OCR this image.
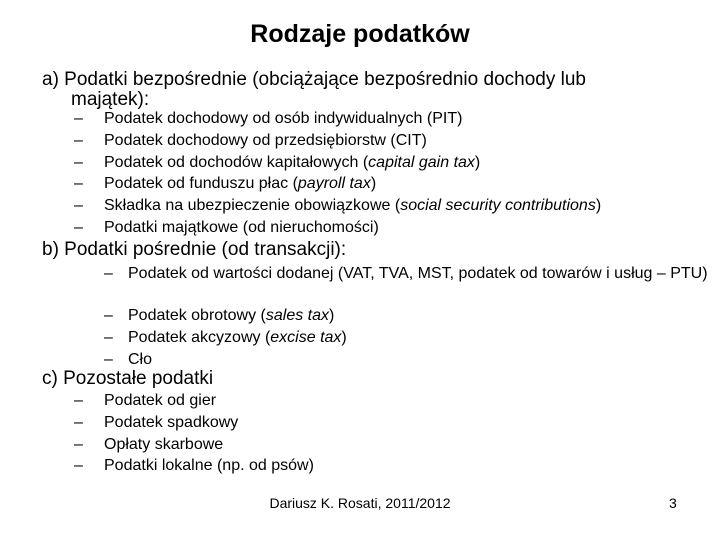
Rodzaje podatków
a) Podatki bezpośrednie (obciążające bezpośrednio dochody lub
majątek):
– Podatek dochodowy od osób indywidualnych (PIT)
– Podatek dochodowy od przedsiębiorstw (CIT)
– Podatek od dochodów kapitałowych (capital gain tax)
– Podatek od funduszu płac (payroll tax)
– Składka na ubezpieczenie obowiązkowe (social security contributions)
– Podatki majątkowe (od nieruchomości)
b) Podatki pośrednie (od transakcji):
– Podatek od wartości dodanej (VAT, TVA, MST, podatek od towarów i usług – PTU)
– Podatek obrotowy (sales tax)
– Podatek akcyzowy (excise tax)
– Cło
c) Pozostałe podatki
– Podatek od gier
– Podatek spadkowy
– Opłaty skarbowe
– Podatki lokalne (np. od psów)
Dariusz K. Rosati, 2011/2012	3
